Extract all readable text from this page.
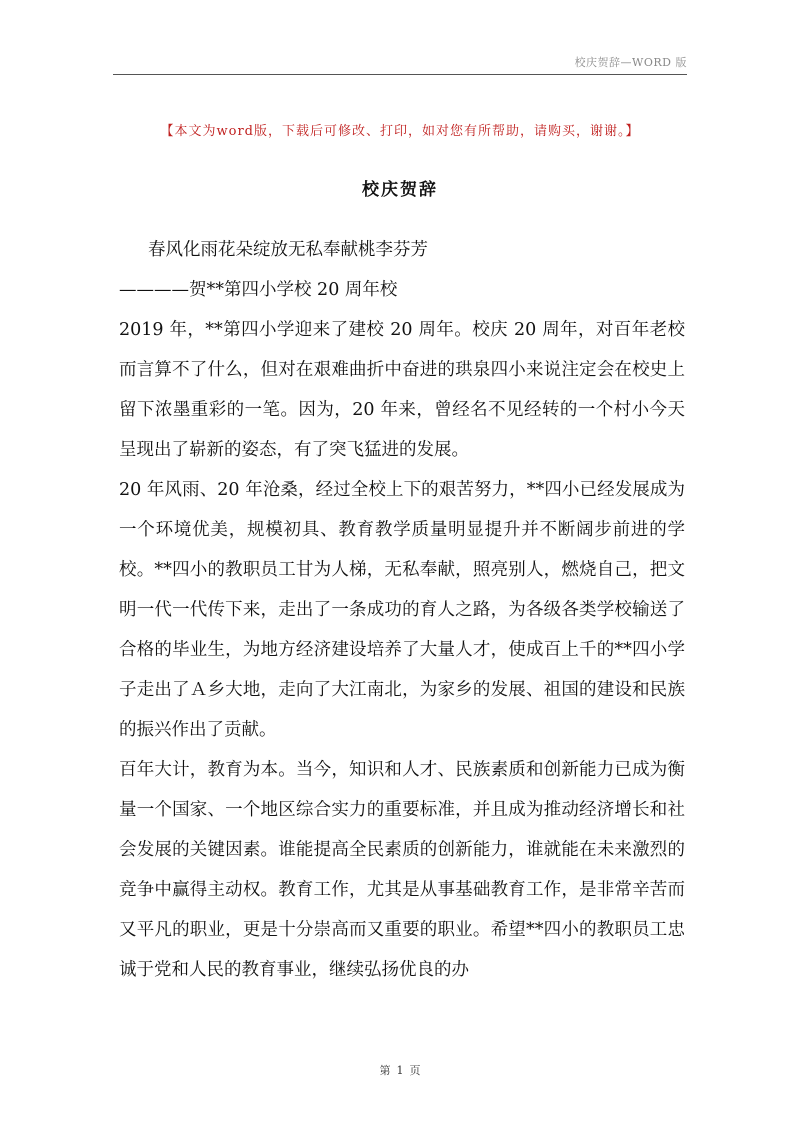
校庆贺辞—WORD 版
【本文为word版，下载后可修改、打印，如对您有所帮助，请购买，谢谢。】
校庆贺辞

春风化雨花朵绽放无私奉献桃李芬芳

————贺**第四小学校 20 周年校

2019 年，**第四小学迎来了建校 20 周年。校庆 20 周年，对百年老校而言算不了什么，但对在艰难曲折中奋进的珙泉四小来说注定会在校史上留下浓墨重彩的一笔。因为，20 年来，曾经名不见经转的一个村小今天呈现出了崭新的姿态，有了突飞猛进的发展。

20 年风雨、20 年沧桑，经过全校上下的艰苦努力，**四小已经发展成为一个环境优美，规模初具、教育教学质量明显提升并不断阔步前进的学校。**四小的教职员工甘为人梯，无私奉献，照亮别人，燃烧自己，把文明一代一代传下来，走出了一条成功的育人之路，为各级各类学校输送了合格的毕业生，为地方经济建设培养了大量人才，使成百上千的**四小学子走出了Ａ乡大地，走向了大江南北，为家乡的发展、祖国的建设和民族的振兴作出了贡献。

百年大计，教育为本。当今，知识和人才、民族素质和创新能力已成为衡量一个国家、一个地区综合实力的重要标准，并且成为推动经济增长和社会发展的关键因素。谁能提高全民素质的创新能力，谁就能在未来激烈的竞争中赢得主动权。教育工作，尤其是从事基础教育工作，是非常辛苦而又平凡的职业，更是十分崇高而又重要的职业。希望**四小的教职员工忠诚于党和人民的教育事业，继续弘扬优良的办

第 1 页
